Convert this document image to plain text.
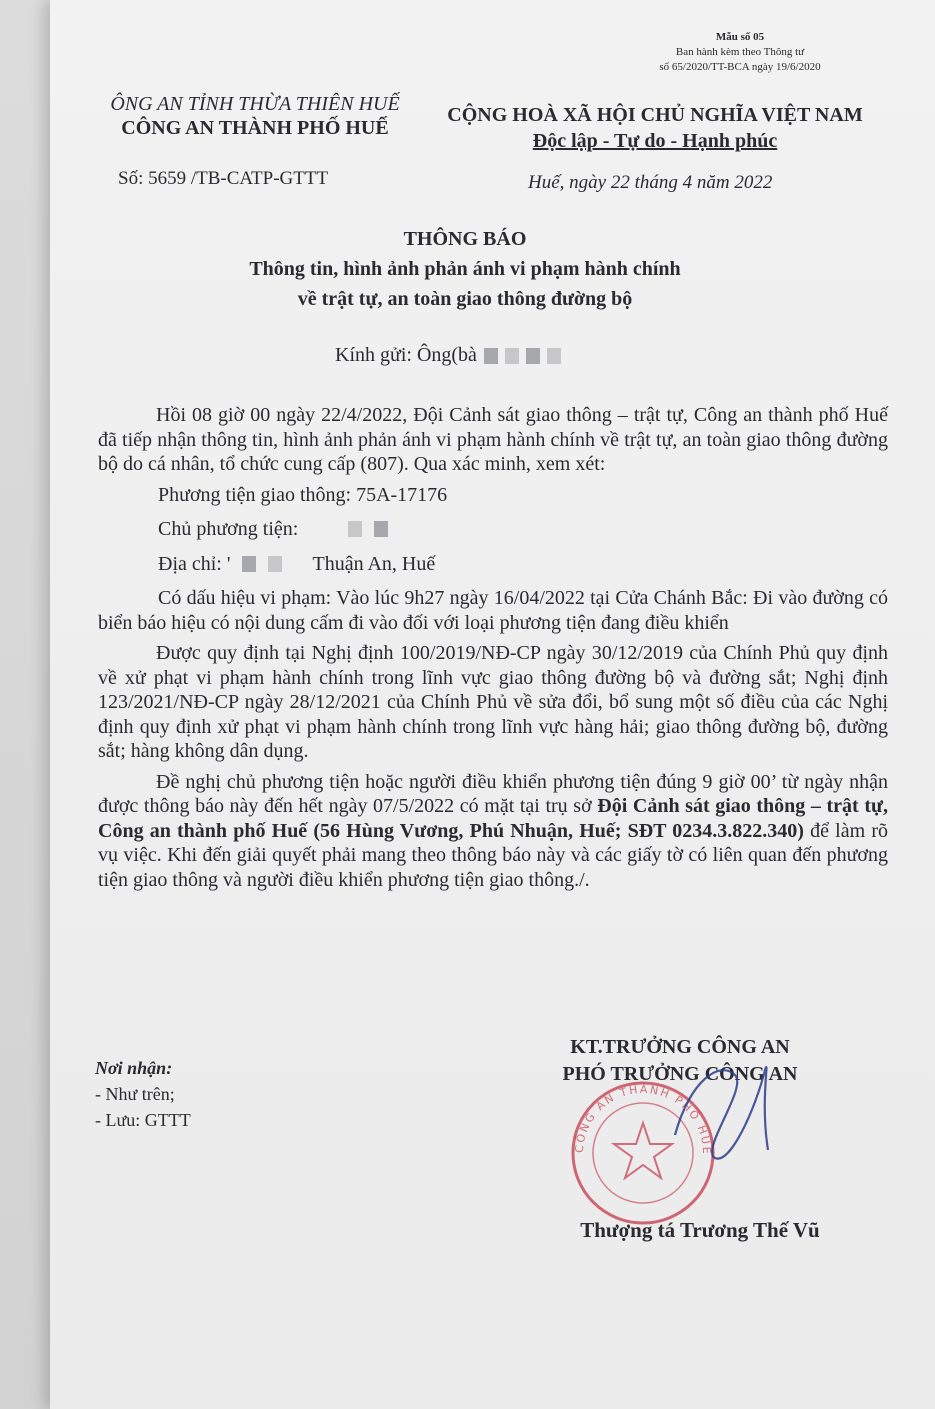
Mẫu số 05
Ban hành kèm theo Thông tư
số 65/2020/TT-BCA ngày 19/6/2020
ÔNG AN TỈNH THỪA THIÊN HUẾ
CÔNG AN THÀNH PHỐ HUẾ
CỘNG HOÀ XÃ HỘI CHỦ NGHĨA VIỆT NAM
Độc lập - Tự do - Hạnh phúc
Số: 5659 /TB-CATP-GTTT	Huế, ngày 22 tháng 4 năm 2022
THÔNG BÁO
Thông tin, hình ảnh phản ánh vi phạm hành chính
về trật tự, an toàn giao thông đường bộ
Kính gửi: Ông(bà

Hồi 08 giờ 00 ngày 22/4/2022, Đội Cảnh sát giao thông – trật tự, Công an thành phố Huế đã tiếp nhận thông tin, hình ảnh phản ánh vi phạm hành chính về trật tự, an toàn giao thông đường bộ do cá nhân, tổ chức cung cấp (807). Qua xác minh, xem xét:

Phương tiện giao thông: 75A-17176

Chủ phương tiện:
Địa chỉ: '	Thuận An, Huế

Có dấu hiệu vi phạm: Vào lúc 9h27 ngày 16/04/2022 tại Cửa Chánh Bắc: Đi vào đường có biển báo hiệu có nội dung cấm đi vào đối với loại phương tiện đang điều khiển

Được quy định tại Nghị định 100/2019/NĐ-CP ngày 30/12/2019 của Chính Phủ quy định về xử phạt vi phạm hành chính trong lĩnh vực giao thông đường bộ và đường sắt; Nghị định 123/2021/NĐ-CP ngày 28/12/2021 của Chính Phủ về sửa đổi, bổ sung một số điều của các Nghị định quy định xử phạt vi phạm hành chính trong lĩnh vực hàng hải; giao thông đường bộ, đường sắt; hàng không dân dụng.

Đề nghị chủ phương tiện hoặc người điều khiển phương tiện đúng 9 giờ 00’ từ ngày nhận được thông báo này đến hết ngày 07/5/2022 có mặt tại trụ sở Đội Cảnh sát giao thông – trật tự, Công an thành phố Huế (56 Hùng Vương, Phú Nhuận, Huế; SĐT 0234.3.822.340) để làm rõ vụ việc. Khi đến giải quyết phải mang theo thông báo này và các giấy tờ có liên quan đến phương tiện giao thông và người điều khiển phương tiện giao thông./.

Nơi nhận:
- Như trên;
- Lưu: GTTT
KT.TRƯỞNG CÔNG AN
PHÓ TRƯỞNG CÔNG AN
CÔNG AN THÀNH PHỐ HUẾ
Thượng tá Trương Thế Vũ
